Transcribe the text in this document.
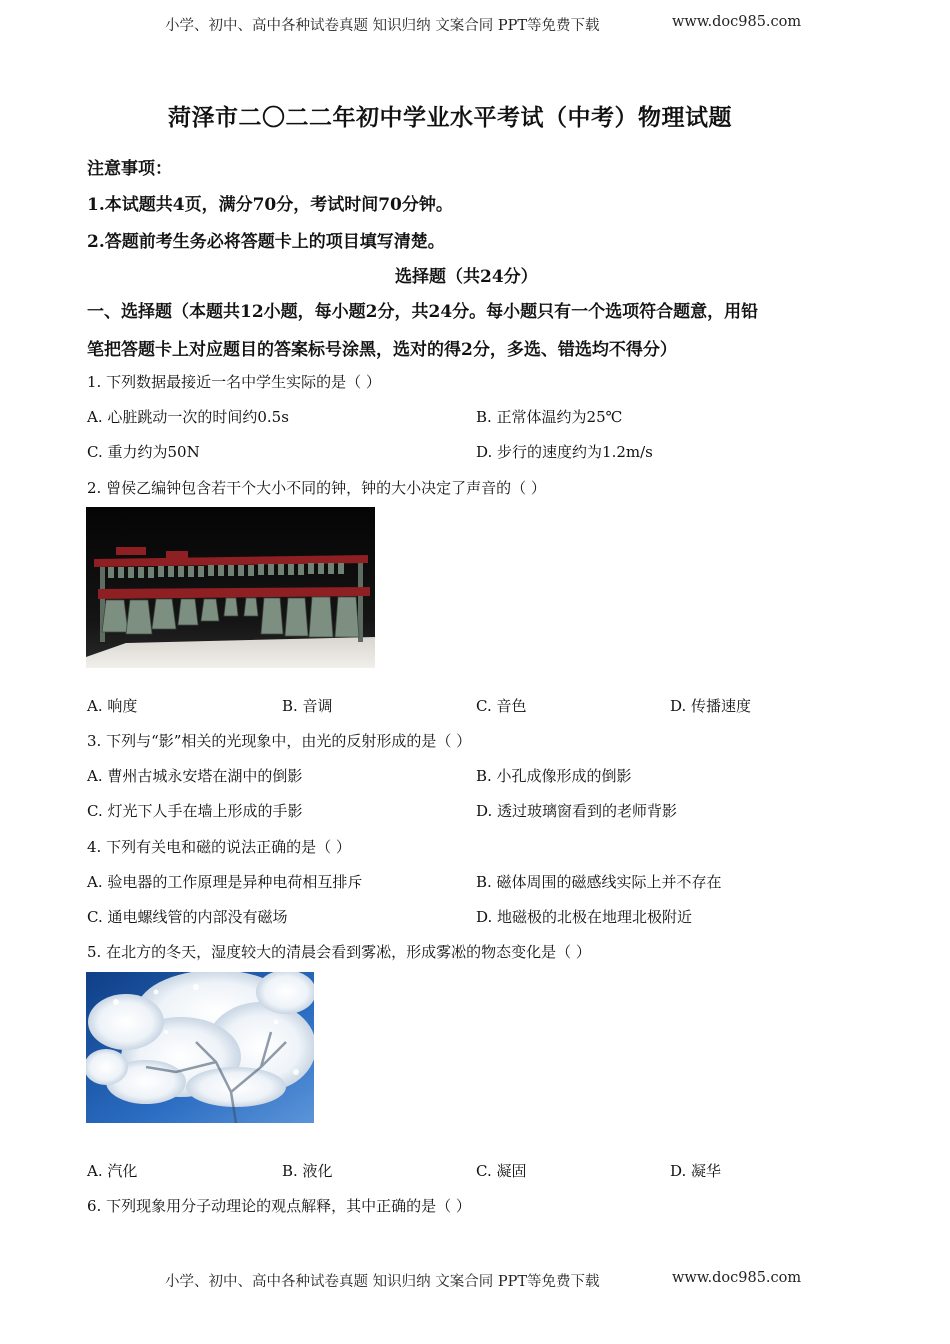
小学、初中、高中各种试卷真题 知识归纳 文案合同 PPT等免费下载	www.doc985.com
菏泽市二〇二二年初中学业水平考试（中考）物理试题
注意事项：
1.本试题共4页，满分70分，考试时间70分钟。
2.答题前考生务必将答题卡上的项目填写清楚。
选择题（共24分）
一、选择题（本题共12小题，每小题2分，共24分。每小题只有一个选项符合题意，用铅
笔把答题卡上对应题目的答案标号涂黑，选对的得2分，多选、错选均不得分）
1. 下列数据最接近一名中学生实际的是（ ）
A. 心脏跳动一次的时间约0.5s	B. 正常体温约为25℃
C. 重力约为50N	D. 步行的速度约为1.2m/s
2. 曾侯乙编钟包含若干个大小不同的钟，钟的大小决定了声音的（ ）
A. 响度	B. 音调	C. 音色	D. 传播速度
3. 下列与“影”相关的光现象中，由光的反射形成的是（ ）
A. 曹州古城永安塔在湖中的倒影	B. 小孔成像形成的倒影
C. 灯光下人手在墙上形成的手影	D. 透过玻璃窗看到的老师背影
4. 下列有关电和磁的说法正确的是（ ）
A. 验电器的工作原理是异种电荷相互排斥	B. 磁体周围的磁感线实际上并不存在
C. 通电螺线管的内部没有磁场	D. 地磁极的北极在地理北极附近
5. 在北方的冬天，湿度较大的清晨会看到雾凇，形成雾凇的物态变化是（ ）
A. 汽化	B. 液化	C. 凝固	D. 凝华
6. 下列现象用分子动理论的观点解释，其中正确的是（ ）
小学、初中、高中各种试卷真题 知识归纳 文案合同 PPT等免费下载	www.doc985.com
